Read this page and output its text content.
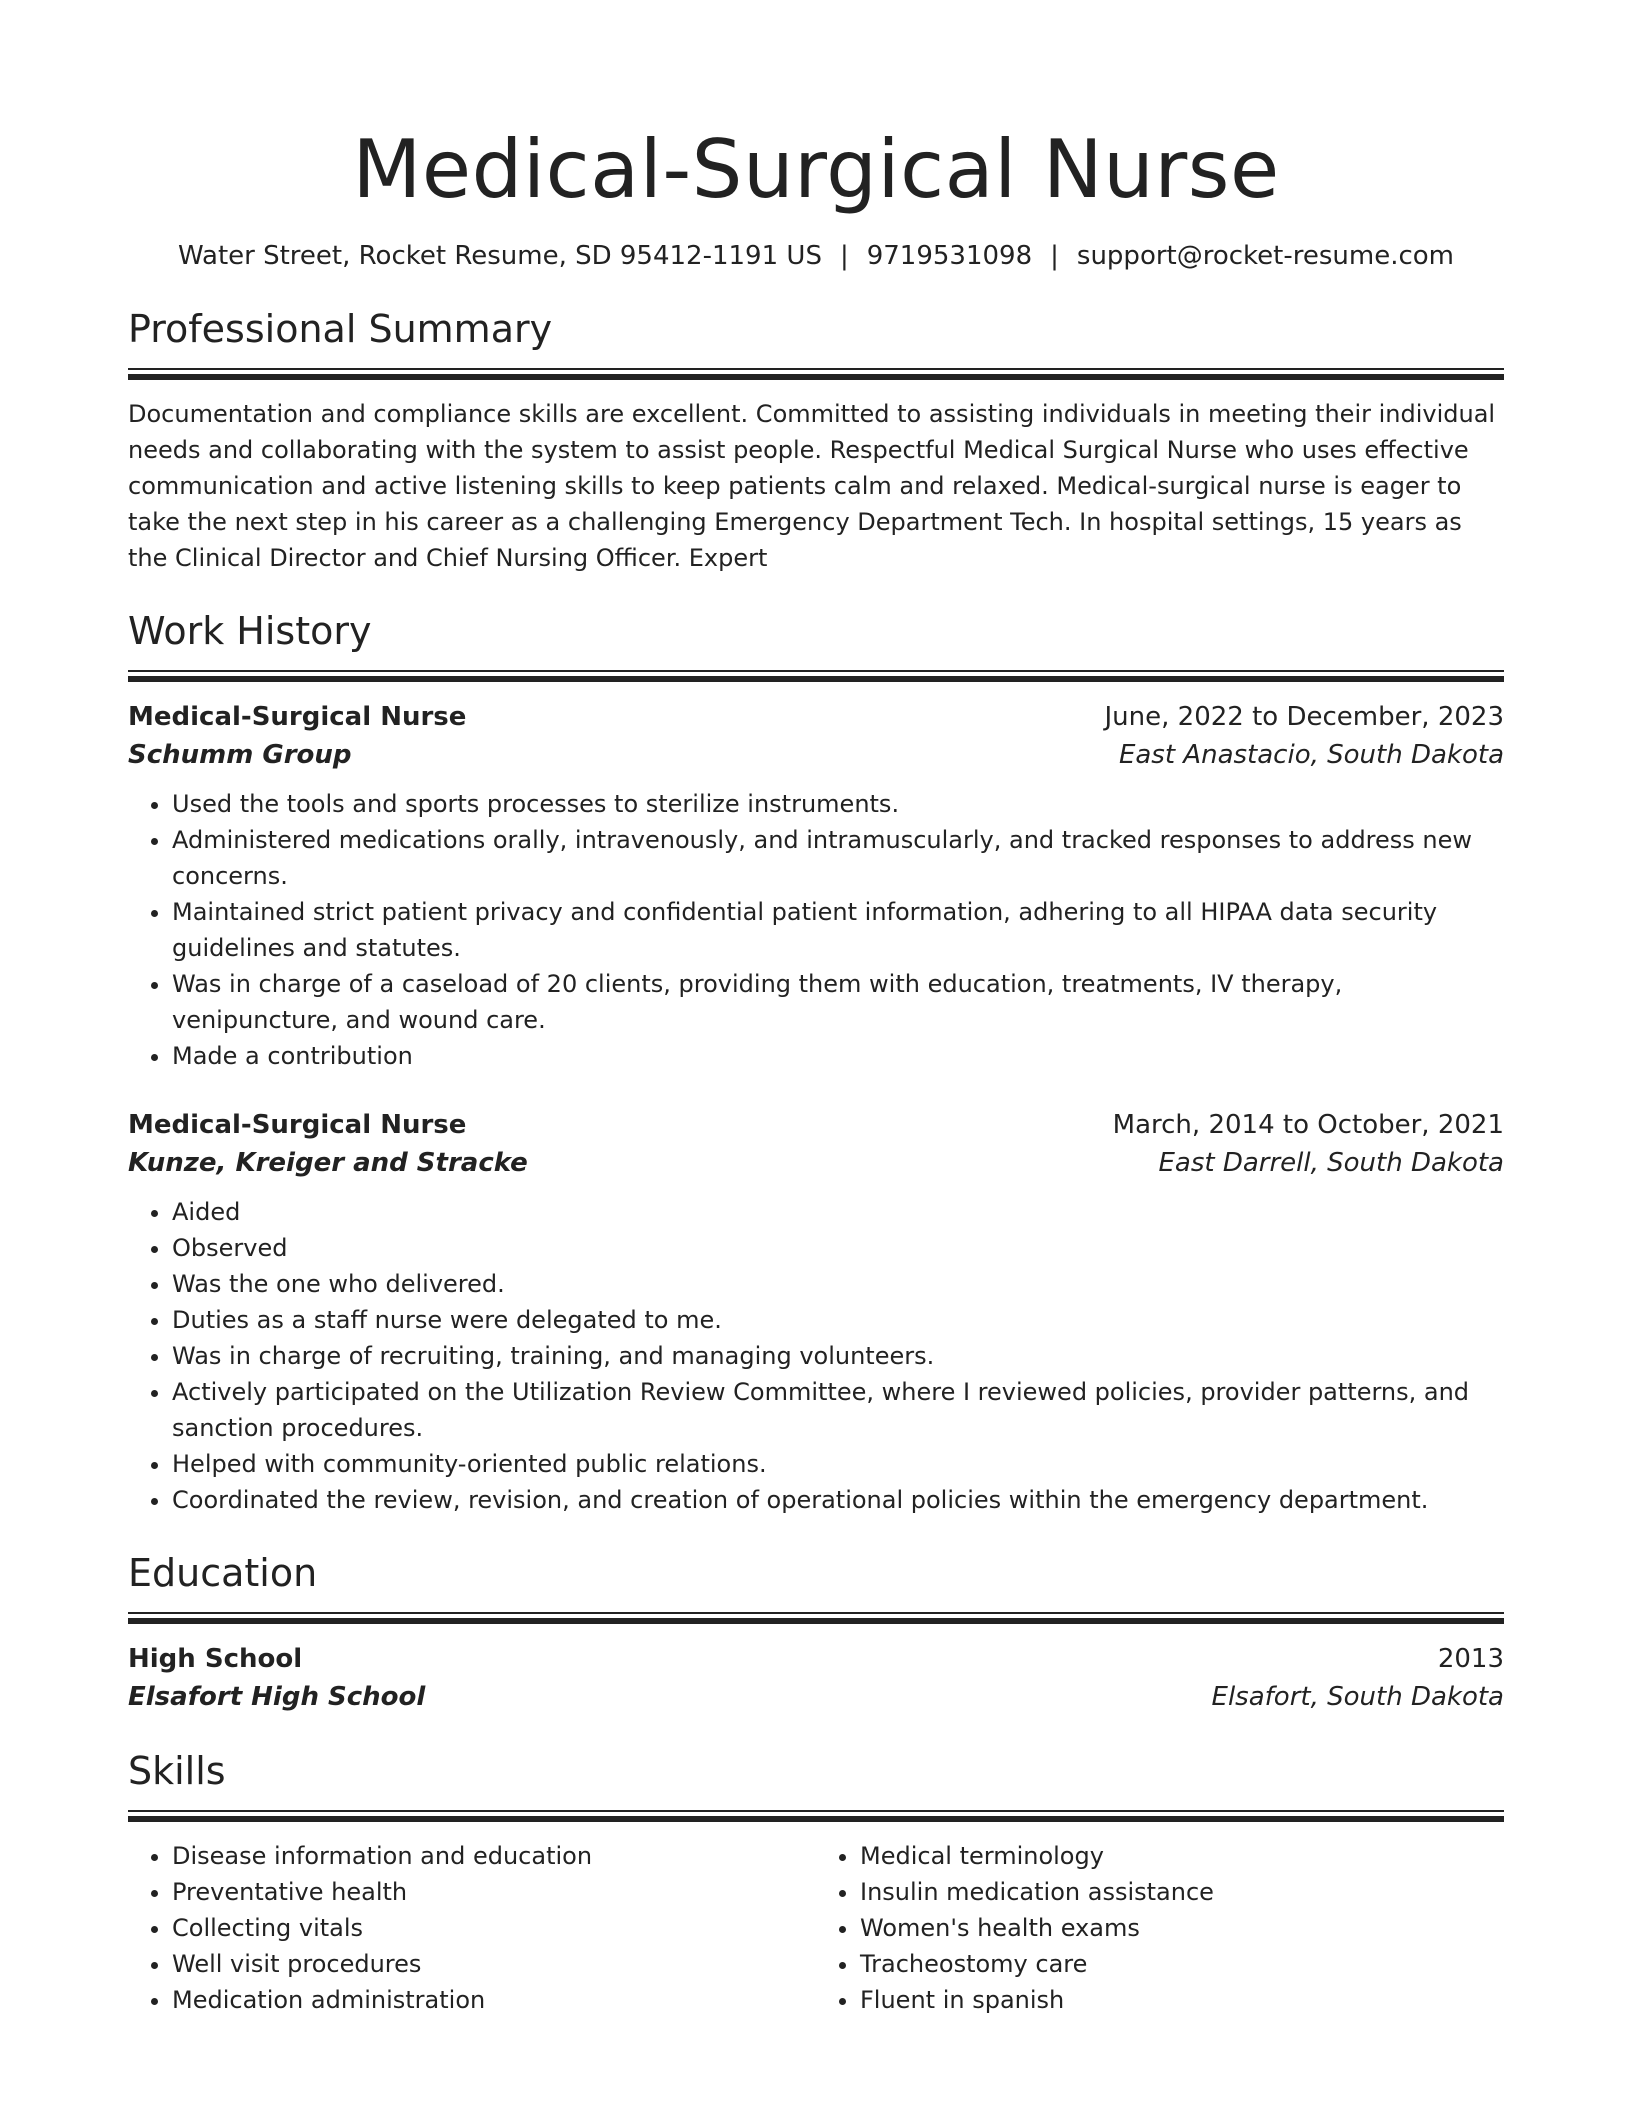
Medical-Surgical Nurse
Water Street, Rocket Resume, SD 95412-1191 US | 9719531098 | support@rocket-resume.com
Professional Summary

Documentation and compliance skills are excellent. Committed to assisting individuals in meeting their individual needs and collaborating with the system to assist people. Respectful Medical Surgical Nurse who uses effective communication and active listening skills to keep patients calm and relaxed. Medical-surgical nurse is eager to take the next step in his career as a challenging Emergency Department Tech. In hospital settings, 15 years as the Clinical Director and Chief Nursing Officer. Expert

Work History
Medical-Surgical Nurse	June, 2022 to December, 2023
Schumm Group	East Anastacio, South Dakota
• Used the tools and sports processes to sterilize instruments.
• Administered medications orally, intravenously, and intramuscularly, and tracked responses to address new concerns.
• Maintained strict patient privacy and confidential patient information, adhering to all HIPAA data security guidelines and statutes.
• Was in charge of a caseload of 20 clients, providing them with education, treatments, IV therapy, venipuncture, and wound care.
• Made a contribution
Medical-Surgical Nurse	March, 2014 to October, 2021
Kunze, Kreiger and Stracke	East Darrell, South Dakota
• Aided
• Observed
• Was the one who delivered.
• Duties as a staff nurse were delegated to me.
• Was in charge of recruiting, training, and managing volunteers.
• Actively participated on the Utilization Review Committee, where I reviewed policies, provider patterns, and sanction procedures.
• Helped with community-oriented public relations.
• Coordinated the review, revision, and creation of operational policies within the emergency department.
Education
High School	2013
Elsafort High School	Elsafort, South Dakota
Skills
• Disease information and education
• Preventative health
• Collecting vitals
• Well visit procedures
• Medication administration
• Medical terminology
• Insulin medication assistance
• Women's health exams
• Tracheostomy care
• Fluent in spanish
